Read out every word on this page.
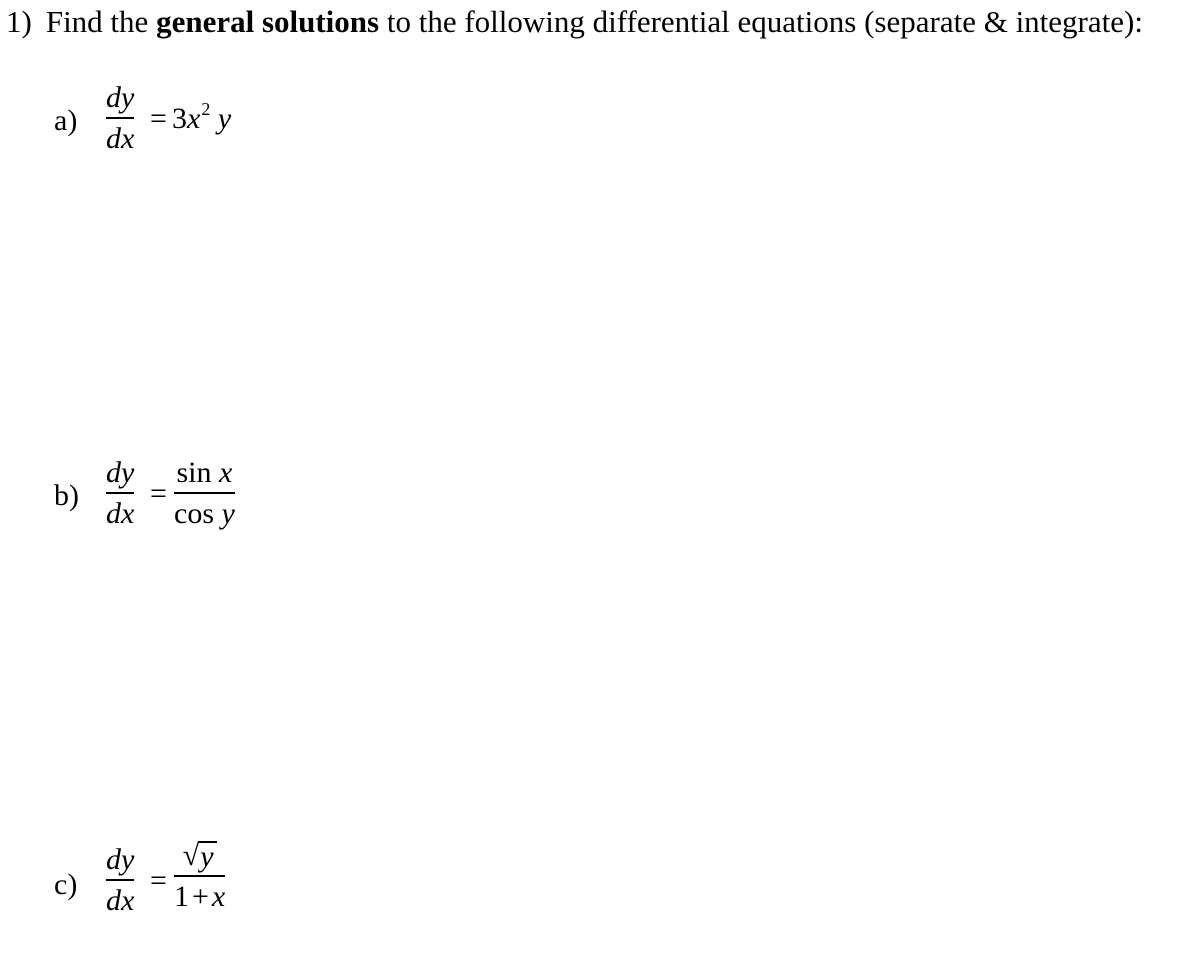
1) Find the general solutions to the following differential equations (separate & integrate):
a)
dy
dx
= $3x^2$ y
b)
dy
dx
=
sin x
cos y
c)
dy
dx
=
√ y
1 + x
